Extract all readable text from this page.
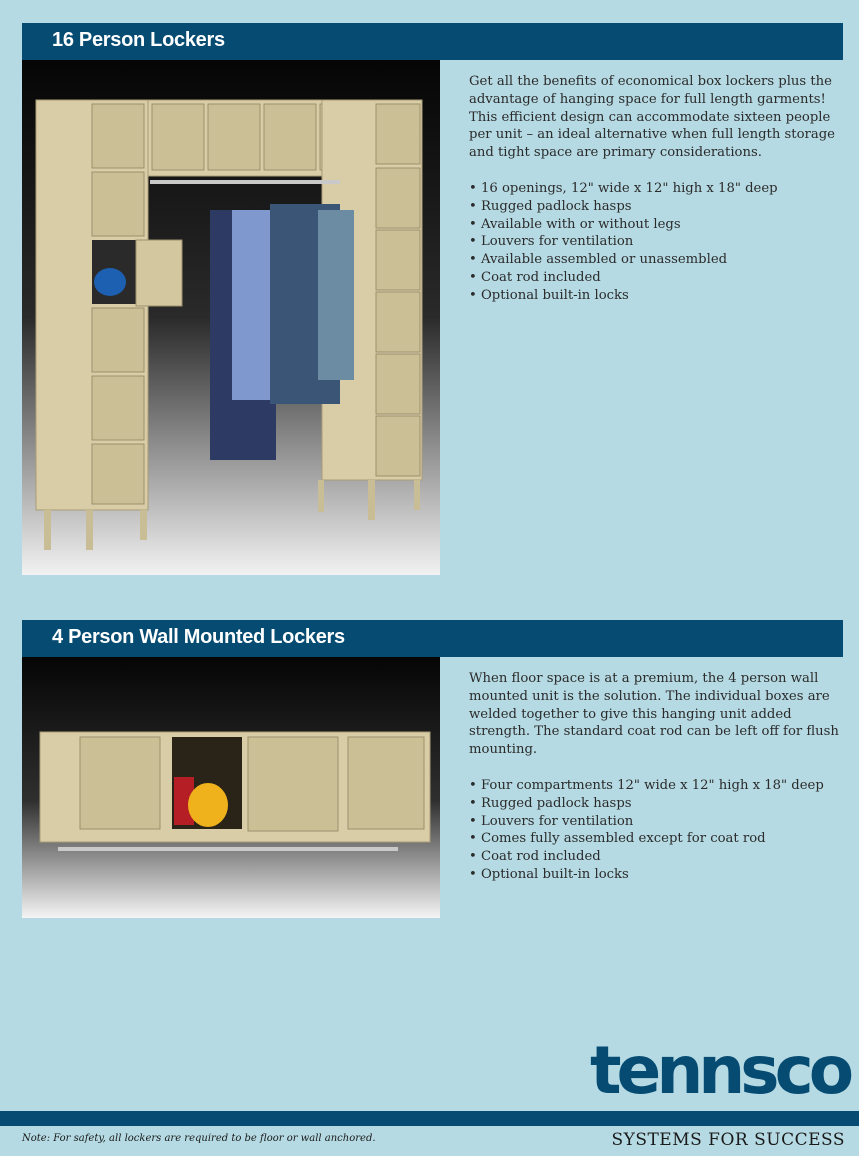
16 Person Lockers

Get all the benefits of economical box lockers plus the advantage of hanging space for full length garments! This efficient design can accommodate sixteen people per unit – an ideal alternative when full length storage and tight space are primary considerations.

• 16 openings, 12" wide x 12" high x 18" deep
• Rugged padlock hasps
• Available with or without legs
• Louvers for ventilation
• Available assembled or unassembled
• Coat rod included
• Optional built-in locks
4 Person Wall Mounted Lockers

When floor space is at a premium, the 4 person wall mounted unit is the solution. The individual boxes are welded together to give this hanging unit added strength. The standard coat rod can be left off for flush mounting.

• Four compartments 12" wide x 12" high x 18" deep
• Rugged padlock hasps
• Louvers for ventilation
• Comes fully assembled except for coat rod
• Coat rod included
• Optional built-in locks
tennsco
Note: For safety, all lockers are required to be floor or wall anchored.	SYSTEMS FOR SUCCESS
